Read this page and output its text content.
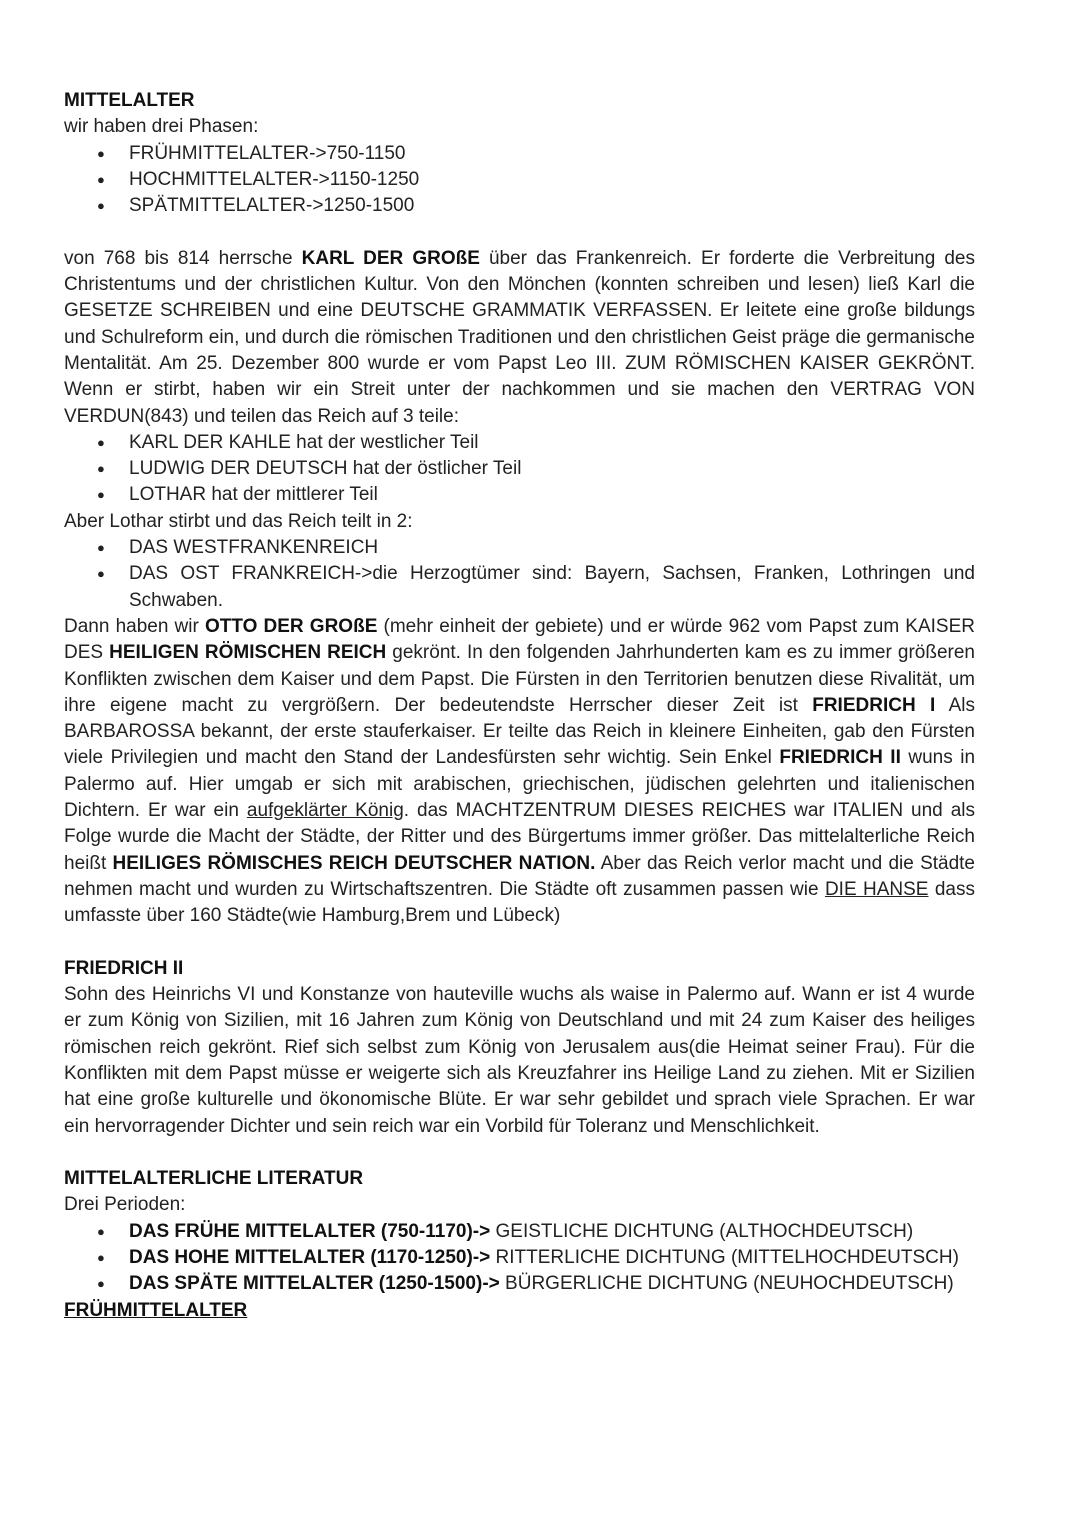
MITTELALTER

wir haben drei Phasen:

● FRÜHMITTELALTER->750-1150
● HOCHMITTELALTER->1150-1250
● SPÄTMITTELALTER->1250-1500

von 768 bis 814 herrsche KARL DER GROßE über das Frankenreich. Er forderte die Verbreitung des Christentums und der christlichen Kultur. Von den Mönchen (konnten schreiben und lesen) ließ Karl die GESETZE SCHREIBEN und eine DEUTSCHE GRAMMATIK VERFASSEN. Er leitete eine große bildungs und Schulreform ein, und durch die römischen Traditionen und den christlichen Geist präge die germanische Mentalität. Am 25. Dezember 800 wurde er vom Papst Leo III. ZUM RÖMISCHEN KAISER GEKRÖNT. Wenn er stirbt, haben wir ein Streit unter der nachkommen und sie machen den VERTRAG VON VERDUN(843) und teilen das Reich auf 3 teile:

● KARL DER KAHLE hat der westlicher Teil
● LUDWIG DER DEUTSCH hat der östlicher Teil
● LOTHAR hat der mittlerer Teil

Aber Lothar stirbt und das Reich teilt in 2:

● DAS WESTFRANKENREICH
● DAS OST FRANKREICH->die Herzogtümer sind: Bayern, Sachsen, Franken, Lothringen und Schwaben.

Dann haben wir OTTO DER GROßE (mehr einheit der gebiete) und er würde 962 vom Papst zum KAISER DES HEILIGEN RÖMISCHEN REICH gekrönt. In den folgenden Jahrhunderten kam es zu immer größeren Konflikten zwischen dem Kaiser und dem Papst. Die Fürsten in den Territorien benutzen diese Rivalität, um ihre eigene macht zu vergrößern. Der bedeutendste Herrscher dieser Zeit ist FRIEDRICH I Als BARBAROSSA bekannt, der erste stauferkaiser. Er teilte das Reich in kleinere Einheiten, gab den Fürsten viele Privilegien und macht den Stand der Landesfürsten sehr wichtig. Sein Enkel FRIEDRICH II wuns in Palermo auf. Hier umgab er sich mit arabischen, griechischen, jüdischen gelehrten und italienischen Dichtern. Er war ein aufgeklärter König. das MACHTZENTRUM DIESES REICHES war ITALIEN und als Folge wurde die Macht der Städte, der Ritter und des Bürgertums immer größer. Das mittelalterliche Reich heißt HEILIGES RÖMISCHES REICH DEUTSCHER NATION. Aber das Reich verlor macht und die Städte nehmen macht und wurden zu Wirtschaftszentren. Die Städte oft zusammen passen wie DIE HANSE dass umfasste über 160 Städte(wie Hamburg,Brem und Lübeck)

FRIEDRICH II

Sohn des Heinrichs VI und Konstanze von hauteville wuchs als waise in Palermo auf. Wann er ist 4 wurde er zum König von Sizilien, mit 16 Jahren zum König von Deutschland und mit 24 zum Kaiser des heiliges römischen reich gekrönt. Rief sich selbst zum König von Jerusalem aus(die Heimat seiner Frau). Für die Konflikten mit dem Papst müsse er weigerte sich als Kreuzfahrer ins Heilige Land zu ziehen. Mit er Sizilien hat eine große kulturelle und ökonomische Blüte. Er war sehr gebildet und sprach viele Sprachen. Er war ein hervorragender Dichter und sein reich war ein Vorbild für Toleranz und Menschlichkeit.

MITTELALTERLICHE LITERATUR

Drei Perioden:

● DAS FRÜHE MITTELALTER (750-1170)-> GEISTLICHE DICHTUNG (ALTHOCHDEUTSCH)
● DAS HOHE MITTELALTER (1170-1250)-> RITTERLICHE DICHTUNG (MITTELHOCHDEUTSCH)
● DAS SPÄTE MITTELALTER (1250-1500)-> BÜRGERLICHE DICHTUNG (NEUHOCHDEUTSCH)
FRÜHMITTELALTER
